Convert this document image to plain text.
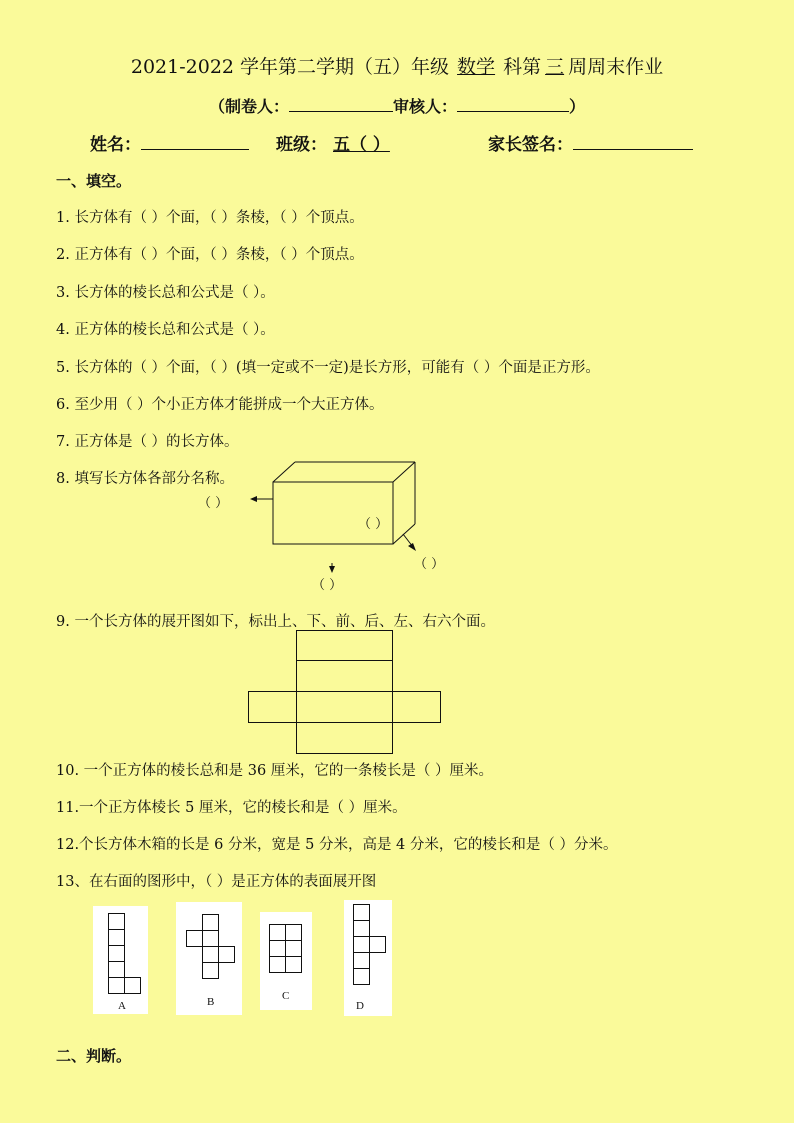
2021-2022 学年第二学期（五）年级 数学 科第 三 周周末作业
（制卷人：	审核人：	）
姓名：	班级： 五（ ）	家长签名：
一、填空。
1. 长方体有（ ）个面，（ ）条棱，（ ）个顶点。
2. 正方体有（ ）个面，（ ）条棱，（ ）个顶点。
3. 长方体的棱长总和公式是（ ）。
4. 正方体的棱长总和公式是（ ）。
5. 长方体的（ ）个面，（ ）(填一定或不一定)是长方形，可能有（ ）个面是正方形。
6. 至少用（ ）个小正方体才能拼成一个大正方体。
7. 正方体是（ ）的长方体。
8. 填写长方体各部分名称。
（ ）
（ ）
（ ）
（ ）
9. 一个长方体的展开图如下，标出上、下、前、后、左、右六个面。
10. 一个正方体的棱长总和是 36 厘米，它的一条棱长是（ ）厘米。
11.一个正方体棱长 5 厘米，它的棱长和是（ ）厘米。
12.个长方体木箱的长是 6 分米，宽是 5 分米，高是 4 分米，它的棱长和是（ ）分米。
13、在右面的图形中，（ ）是正方体的表面展开图
A	B	C
D
二、判断。
